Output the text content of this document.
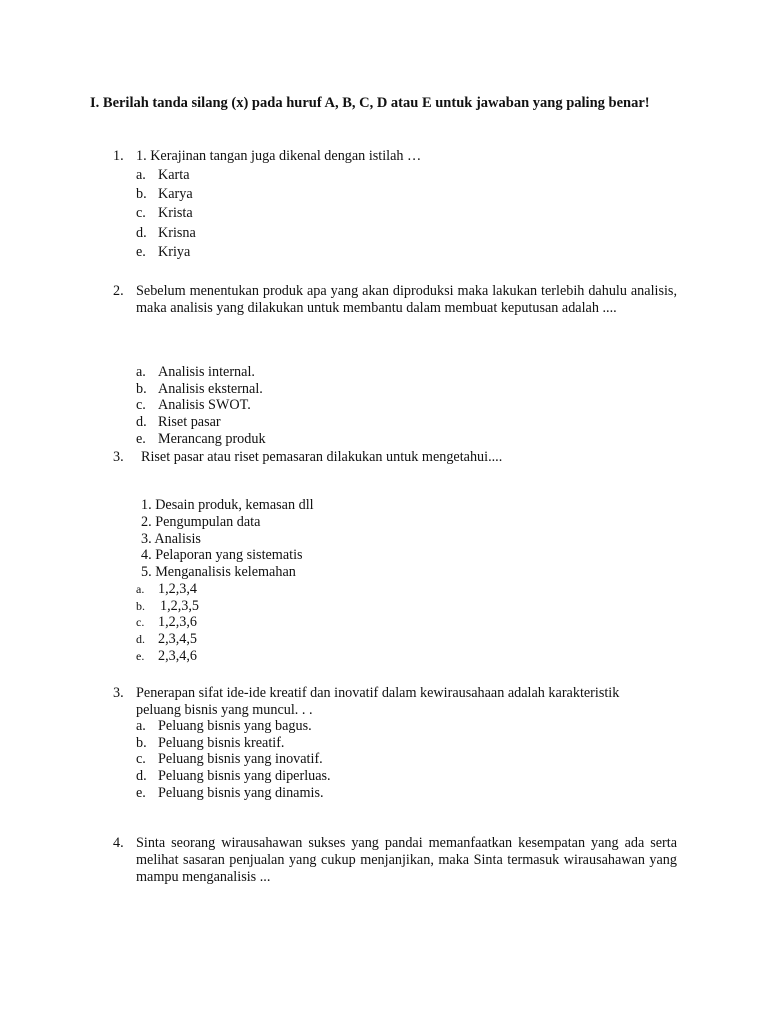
I. Berilah tanda silang (x) pada huruf A, B, C, D atau E untuk jawaban yang paling benar!
1. 1. Kerajinan tangan juga dikenal dengan istilah …
a. Karta
b. Karya
c. Krista
d. Krisna
e. Kriya
2. Sebelum menentukan produk apa yang akan diproduksi maka lakukan terlebih dahulu analisis, maka analisis yang dilakukan untuk membantu dalam membuat keputusan adalah ....
a. Analisis internal.
b. Analisis eksternal.
c. Analisis SWOT.
d. Riset pasar
e. Merancang produk
3. Riset pasar atau riset pemasaran dilakukan untuk mengetahui....
1. Desain produk, kemasan dll
2. Pengumpulan data
3. Analisis
4. Pelaporan yang sistematis
5. Menganalisis kelemahan
a. 1,2,3,4
b.	1,2,3,5
c. 1,2,3,6
d. 2,3,4,5
e. 2,3,4,6
3. Penerapan sifat ide-ide kreatif dan inovatif dalam kewirausahaan adalah karakteristik peluang bisnis yang muncul. . .
a. Peluang bisnis yang bagus.
b. Peluang bisnis kreatif.
c. Peluang bisnis yang inovatif.
d. Peluang bisnis yang diperluas.
e. Peluang bisnis yang dinamis.
4. Sinta seorang wirausahawan sukses yang pandai memanfaatkan kesempatan yang ada serta melihat sasaran penjualan yang cukup menjanjikan, maka Sinta termasuk wirausahawan yang mampu menganalisis ...
